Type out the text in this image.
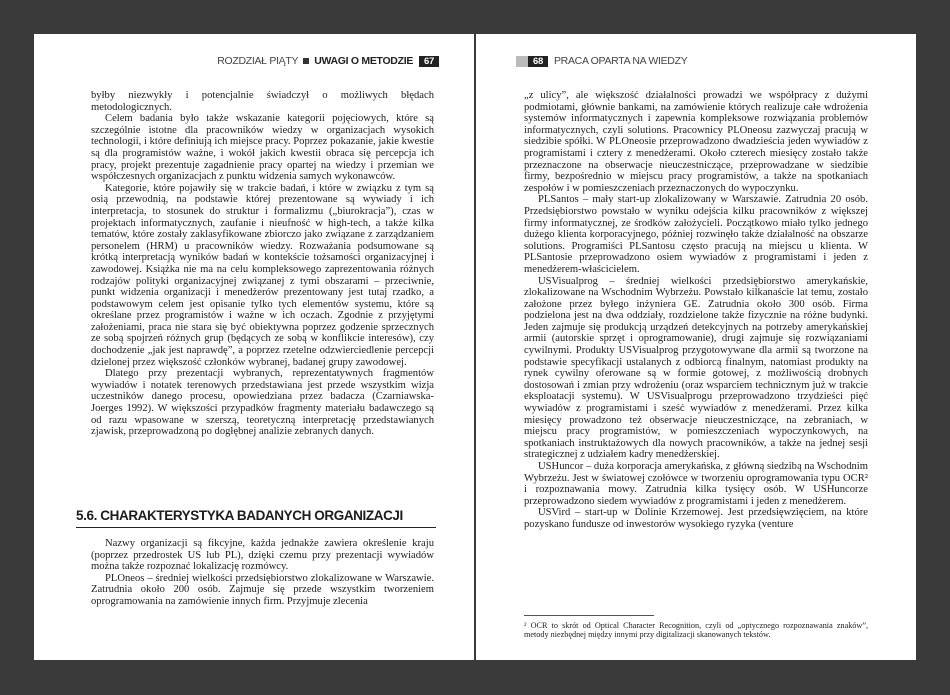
ROZDZIAŁ PIĄTY UWAGI O METODZIE	67

byłby niezwykły i potencjalnie świadczył o możliwych błędach metodologicznych.

Celem badania było także wskazanie kategorii pojęciowych, które są szczególnie istotne dla pracowników wiedzy w organizacjach wysokich technologii, i które definiują ich miejsce pracy. Poprzez pokazanie, jakie kwestie są dla programistów ważne, i wokół jakich kwestii obraca się percepcja ich pracy, projekt prezentuje zagadnienie pracy opartej na wiedzy i przemian we współczesnych organizacjach z punktu widzenia samych wykonawców.

Kategorie, które pojawiły się w trakcie badań, i które w związku z tym są osią przewodnią, na podstawie której prezentowane są wywiady i ich interpretacja, to stosunek do struktur i formalizmu („biurokracja”), czas w projektach informatycznych, zaufanie i nieufność w high-tech, a także kilka tematów, które zostały zaklasyfikowane zbiorczo jako związane z zarządzaniem personelem (HRM) u pracowników wiedzy. Rozważania podsumowane są krótką interpretacją wyników badań w kontekście tożsamości organizacyjnej i zawodowej. Książka nie ma na celu kompleksowego zaprezentowania różnych rodzajów polityki organizacyjnej związanej z tymi obszarami – przeciwnie, punkt widzenia organizacji i menedżerów prezentowany jest tutaj rzadko, a podstawowym celem jest opisanie tylko tych elementów systemu, które są określane przez programistów i ważne w ich oczach. Zgodnie z przyjętymi założeniami, praca nie stara się być obiektywna poprzez godzenie sprzecznych ze sobą spojrzeń różnych grup (będących ze sobą w konflikcie interesów), czy dochodzenie „jak jest naprawdę”, a poprzez rzetelne odzwierciedlenie percepcji dzielonej przez większość członków wybranej, badanej grupy zawodowej.

Dlatego przy prezentacji wybranych, reprezentatywnych fragmentów wywiadów i notatek terenowych przedstawiana jest przede wszystkim wizja uczestników danego procesu, opowiedziana przez badacza (Czarniawska-Joerges 1992). W większości przypadków fragmenty materiału badawczego są od razu wpasowane w szerszą, teoretyczną interpretację przedstawianych zjawisk, przeprowadzoną po dogłębnej analizie zebranych danych.

5.6. CHARAKTERYSTYKA BADANYCH ORGANIZACJI

Nazwy organizacji są fikcyjne, każda jednakże zawiera określenie kraju (poprzez przedrostek US lub PL), dzięki czemu przy prezentacji wywiadów można także rozpoznać lokalizację rozmówcy.

PLOneos – średniej wielkości przedsiębiorstwo zlokalizowane w Warszawie. Zatrudnia około 200 osób. Zajmuje się przede wszystkim tworzeniem oprogramowania na zamówienie innych firm. Przyjmuje zlecenia

68	PRACA OPARTA NA WIEDZY

„z ulicy”, ale większość działalności prowadzi we współpracy z dużymi podmiotami, głównie bankami, na zamówienie których realizuje całe wdrożenia systemów informatycznych i zapewnia kompleksowe rozwiązania problemów informatycznych, czyli solutions. Pracownicy PLOneosu zazwyczaj pracują w siedzibie spółki. W PLOneosie przeprowadzono dwadzieścia jeden wywiadów z programistami i cztery z menedżerami. Około czterech miesięcy zostało także przeznaczone na obserwacje nieuczestniczące, przeprowadzane w siedzibie firmy, bezpośrednio w miejscu pracy programistów, a także na spotkaniach zespołów i w pomieszczeniach przeznaczonych do wypoczynku.

PLSantos – mały start-up zlokalizowany w Warszawie. Zatrudnia 20 osób. Przedsiębiorstwo powstało w wyniku odejścia kilku pracowników z większej firmy informatycznej, ze środków założycieli. Początkowo miało tylko jednego dużego klienta korporacyjnego, później rozwinęło także działalność na obszarze solutions. Programiści PLSantosu często pracują na miejscu u klienta. W PLSantosie przeprowadzono osiem wywiadów z programistami i jeden z menedżerem-właścicielem.

USVisualprog – średniej wielkości przedsiębiorstwo amerykańskie, zlokalizowane na Wschodnim Wybrzeżu. Powstało kilkanaście lat temu, zostało założone przez byłego inżyniera GE. Zatrudnia około 300 osób. Firma podzielona jest na dwa oddziały, rozdzielone także fizycznie na różne budynki. Jeden zajmuje się produkcją urządzeń detekcyjnych na potrzeby amerykańskiej armii (autorskie sprzęt i oprogramowanie), drugi zajmuje się rozwiązaniami cywilnymi. Produkty USVisualprog przygotowywane dla armii są tworzone na podstawie specyfikacji ustalanych z odbiorcą finalnym, natomiast produkty na rynek cywilny oferowane są w formie gotowej, z możliwością drobnych dostosowań i zmian przy wdrożeniu (oraz wsparciem technicznym już w trakcie eksploatacji systemu). W USVisualprogu przeprowadzono trzydzieści pięć wywiadów z programistami i sześć wywiadów z menedżerami. Przez kilka miesięcy prowadzono też obserwacje nieuczestniczące, na zebraniach, w miejscu pracy programistów, w pomieszczeniach wypoczynkowych, na spotkaniach instruktażowych dla nowych pracowników, a także na jednej sesji strategicznej z udziałem kadry menedżerskiej.

USHuncor – duża korporacja amerykańska, z główną siedzibą na Wschodnim Wybrzeżu. Jest w światowej czołówce w tworzeniu oprogramowania typu OCR² i rozpoznawania mowy. Zatrudnia kilka tysięcy osób. W USHuncorze przeprowadzono siedem wywiadów z programistami i jeden z menedżerem.

USVird – start-up w Dolinie Krzemowej. Jest przedsięwzięciem, na które pozyskano fundusze od inwestorów wysokiego ryzyka (venture

² OCR to skrót od Optical Character Recognition, czyli od „optycznego rozpoznawania znaków”, metody niezbędnej między innymi przy digitalizacji skanowanych tekstów.
